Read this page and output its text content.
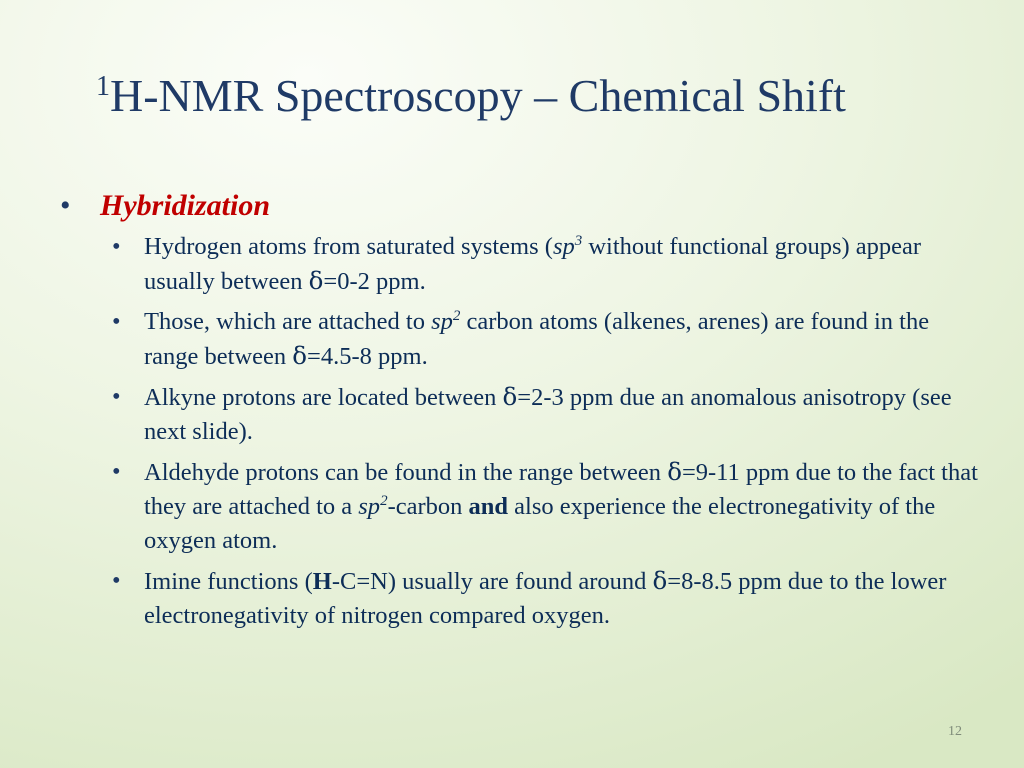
$^1$H-NMR Spectroscopy – Chemical Shift
• Hybridization
• Hydrogen atoms from saturated systems ($sp^3$ without functional groups) appear usually between δ=0-2 ppm.
• Those, which are attached to $sp^2$ carbon atoms (alkenes, arenes) are found in the range between δ=4.5-8 ppm.
• Alkyne protons are located between δ=2-3 ppm due an anomalous anisotropy (see next slide).
• Aldehyde protons can be found in the range between δ=9-11 ppm due to the fact that they are attached to a $sp^2$-carbon and also experience the electronegativity of the oxygen atom.
• Imine functions (H-C=N) usually are found around δ=8-8.5 ppm due to the lower electronegativity of nitrogen compared oxygen.
12
